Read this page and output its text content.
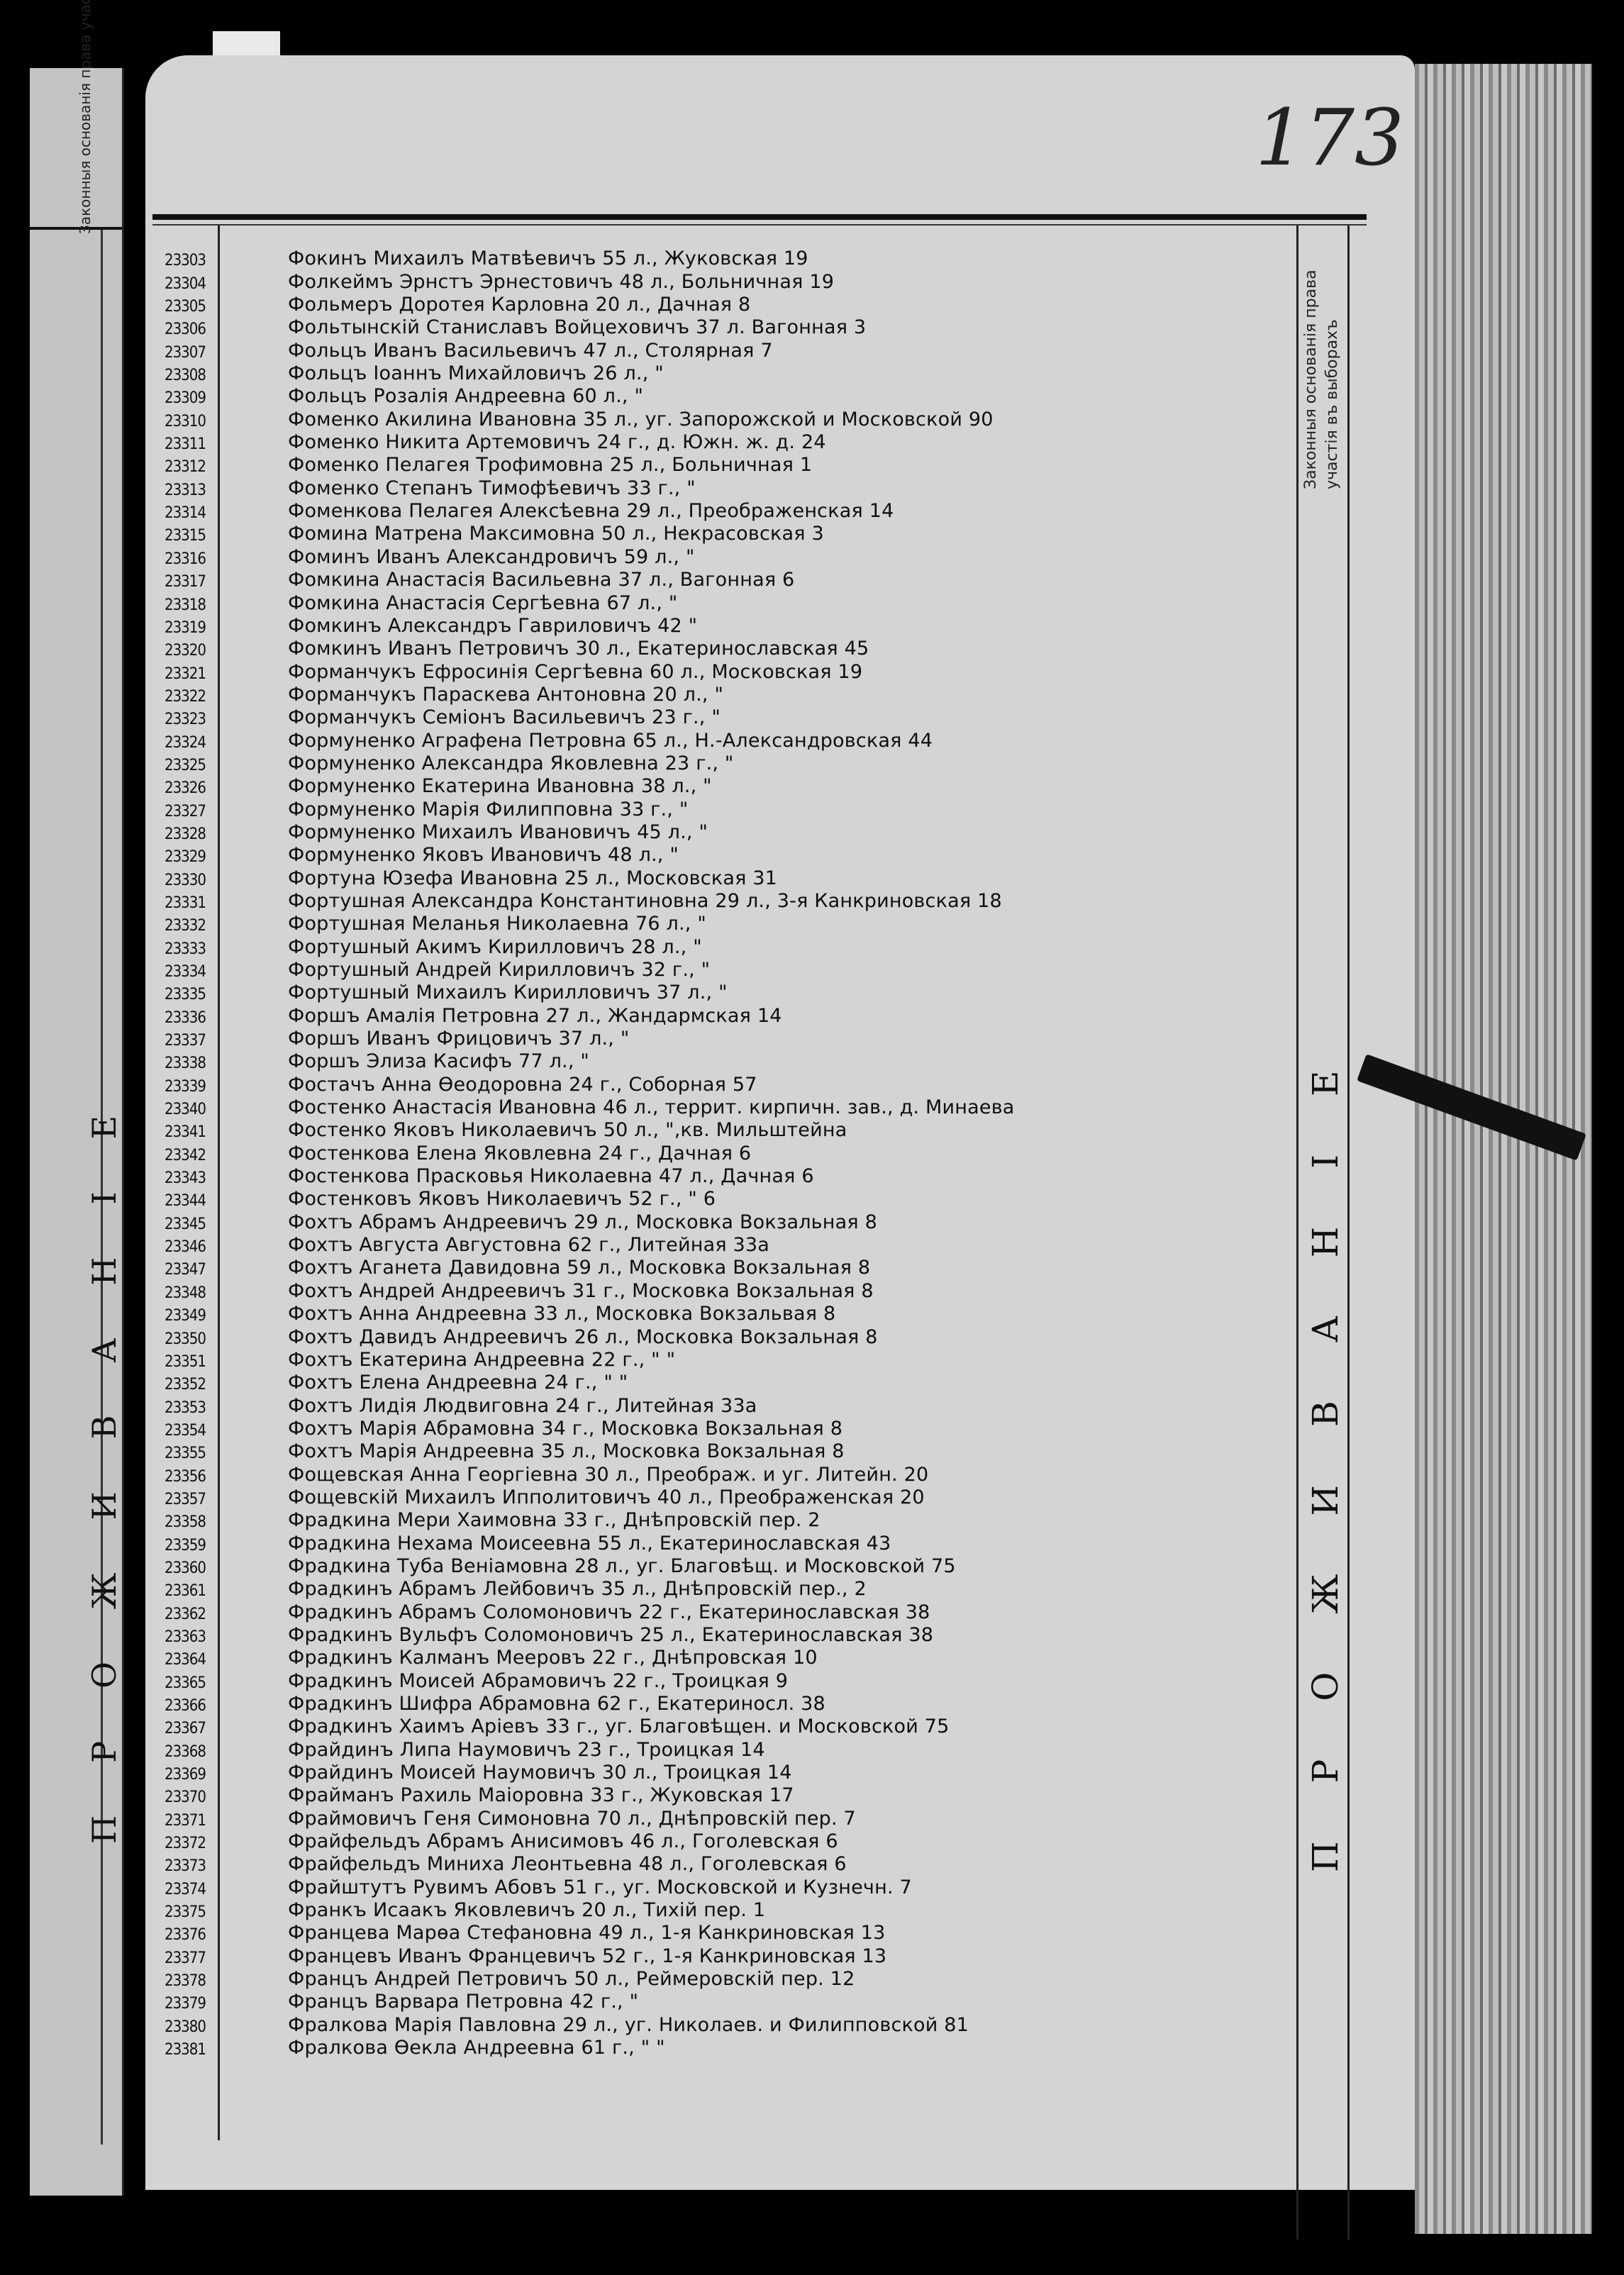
ПРОЖИВАНІЕ
173
Законныя основанія права участія въ выборахъ
ПРОЖИВАНІЕ
23303	Фокинъ Михаилъ Матвѣевичъ 55 л., Жуковская 19
23304	Фолкеймъ Эрнстъ Эрнестовичъ 48 л., Больничная 19
23305	Фольмеръ Доротея Карловна 20 л., Дачная 8
23306	Фольтынскій Станиславъ Войцеховичъ 37 л. Вагонная 3
23307	Фольцъ Иванъ Васильевичъ 47 л., Столярная 7
23308	Фольцъ Іоаннъ Михайловичъ 26 л., "
23309	Фольцъ Розалія Андреевна 60 л., "
23310	Фоменко Акилина Ивановна 35 л., уг. Запорожской и Московской 90
23311	Фоменко Никита Артемовичъ 24 г., д. Южн. ж. д. 24
23312	Фоменко Пелагея Трофимовна 25 л., Больничная 1
23313	Фоменко Степанъ Тимофѣевичъ 33 г., "
23314	Фоменкова Пелагея Алексѣевна 29 л., Преображенская 14
23315	Фомина Матрена Максимовна 50 л., Некрасовская 3
23316	Фоминъ Иванъ Александровичъ 59 л., "
23317	Фомкина Анастасія Васильевна 37 л., Вагонная 6
23318	Фомкина Анастасія Сергѣевна 67 л., "
23319	Фомкинъ Александръ Гавриловичъ 42 "
23320	Фомкинъ Иванъ Петровичъ 30 л., Екатеринославская 45
23321	Форманчукъ Ефросинія Сергѣевна 60 л., Московская 19
23322	Форманчукъ Параскева Антоновна 20 л., "
23323	Форманчукъ Семіонъ Васильевичъ 23 г., "
23324	Формуненко Аграфена Петровна 65 л., Н.-Александровская 44
23325	Формуненко Александра Яковлевна 23 г., "
23326	Формуненко Екатерина Ивановна 38 л., "
23327	Формуненко Марія Филипповна 33 г., "
23328	Формуненко Михаилъ Ивановичъ 45 л., "
23329	Формуненко Яковъ Ивановичъ 48 л., "
23330	Фортуна Юзефа Ивановна 25 л., Московская 31
23331	Фортушная Александра Константиновна 29 л., 3-я Канкриновская 18
23332	Фортушная Меланья Николаевна 76 л., "
23333	Фортушный Акимъ Кирилловичъ 28 л., "
23334	Фортушный Андрей Кирилловичъ 32 г., "
23335	Фортушный Михаилъ Кирилловичъ 37 л., "
23336	Форшъ Амалія Петровна 27 л., Жандармская 14
23337	Форшъ Иванъ Фрицовичъ 37 л., "
23338	Форшъ Элиза Касифъ 77 л., "
23339	Фостачъ Анна Ѳеодоровна 24 г., Соборная 57
23340	Фостенко Анастасія Ивановна 46 л., террит. кирпичн. зав., д. Минаева
23341	Фостенко Яковъ Николаевичъ 50 л., ",кв. Мильштейна
23342	Фостенкова Елена Яковлевна 24 г., Дачная 6
23343	Фостенкова Прасковья Николаевна 47 л., Дачная 6
23344	Фостенковъ Яковъ Николаевичъ 52 г., " 6
23345	Фохтъ Абрамъ Андреевичъ 29 л., Московка Вокзальная 8
23346	Фохтъ Августа Августовна 62 г., Литейная 33а
23347	Фохтъ Аганета Давидовна 59 л., Московка Вокзальная 8
23348	Фохтъ Андрей Андреевичъ 31 г., Московка Вокзальная 8
23349	Фохтъ Анна Андреевна 33 л., Московка Вокзальвая 8
23350	Фохтъ Давидъ Андреевичъ 26 л., Московка Вокзальная 8
23351	Фохтъ Екатерина Андреевна 22 г., " "
23352	Фохтъ Елена Андреевна 24 г., " "
23353	Фохтъ Лидія Людвиговна 24 г., Литейная 33а
23354	Фохтъ Марія Абрамовна 34 г., Московка Вокзальная 8
23355	Фохтъ Марія Андреевна 35 л., Московка Вокзальная 8
23356	Фощевская Анна Георгіевна 30 л., Преображ. и уг. Литейн. 20
23357	Фощевскій Михаилъ Ипполитовичъ 40 л., Преображенская 20
23358	Фрадкина Мери Хаимовна 33 г., Днѣпровскій пер. 2
23359	Фрадкина Нехама Моисеевна 55 л., Екатеринославская 43
23360	Фрадкина Туба Веніамовна 28 л., уг. Благовѣщ. и Московской 75
23361	Фрадкинъ Абрамъ Лейбовичъ 35 л., Днѣпровскій пер., 2
23362	Фрадкинъ Абрамъ Соломоновичъ 22 г., Екатеринославская 38
23363	Фрадкинъ Вульфъ Соломоновичъ 25 л., Екатеринославская 38
23364	Фрадкинъ Калманъ Мееровъ 22 г., Днѣпровская 10
23365	Фрадкинъ Моисей Абрамовичъ 22 г., Троицкая 9
23366	Фрадкинъ Шифра Абрамовна 62 г., Екатериносл. 38
23367	Фрадкинъ Хаимъ Аріевъ 33 г., уг. Благовѣщен. и Московской 75
23368	Фрайдинъ Липа Наумовичъ 23 г., Троицкая 14
23369	Фрайдинъ Моисей Наумовичъ 30 л., Троицкая 14
23370	Фрайманъ Рахиль Маіоровна 33 г., Жуковская 17
23371	Фраймовичъ Геня Симоновна 70 л., Днѣпровскій пер. 7
23372	Фрайфельдъ Абрамъ Анисимовъ 46 л., Гоголевская 6
23373	Фрайфельдъ Миниха Леонтьевна 48 л., Гоголевская 6
23374	Фрайштутъ Рувимъ Абовъ 51 г., уг. Московской и Кузнечн. 7
23375	Франкъ Исаакъ Яковлевичъ 20 л., Тихій пер. 1
23376	Францева Марѳа Стефановна 49 л., 1-я Канкриновская 13
23377	Францевъ Иванъ Францевичъ 52 г., 1-я Канкриновская 13
23378	Францъ Андрей Петровичъ 50 л., Реймеровскій пер. 12
23379	Францъ Варвара Петровна 42 г., "
23380	Фралкова Марія Павловна 29 л., уг. Николаев. и Филипповской 81
23381	Фралкова Ѳекла Андреевна 61 г., " "
